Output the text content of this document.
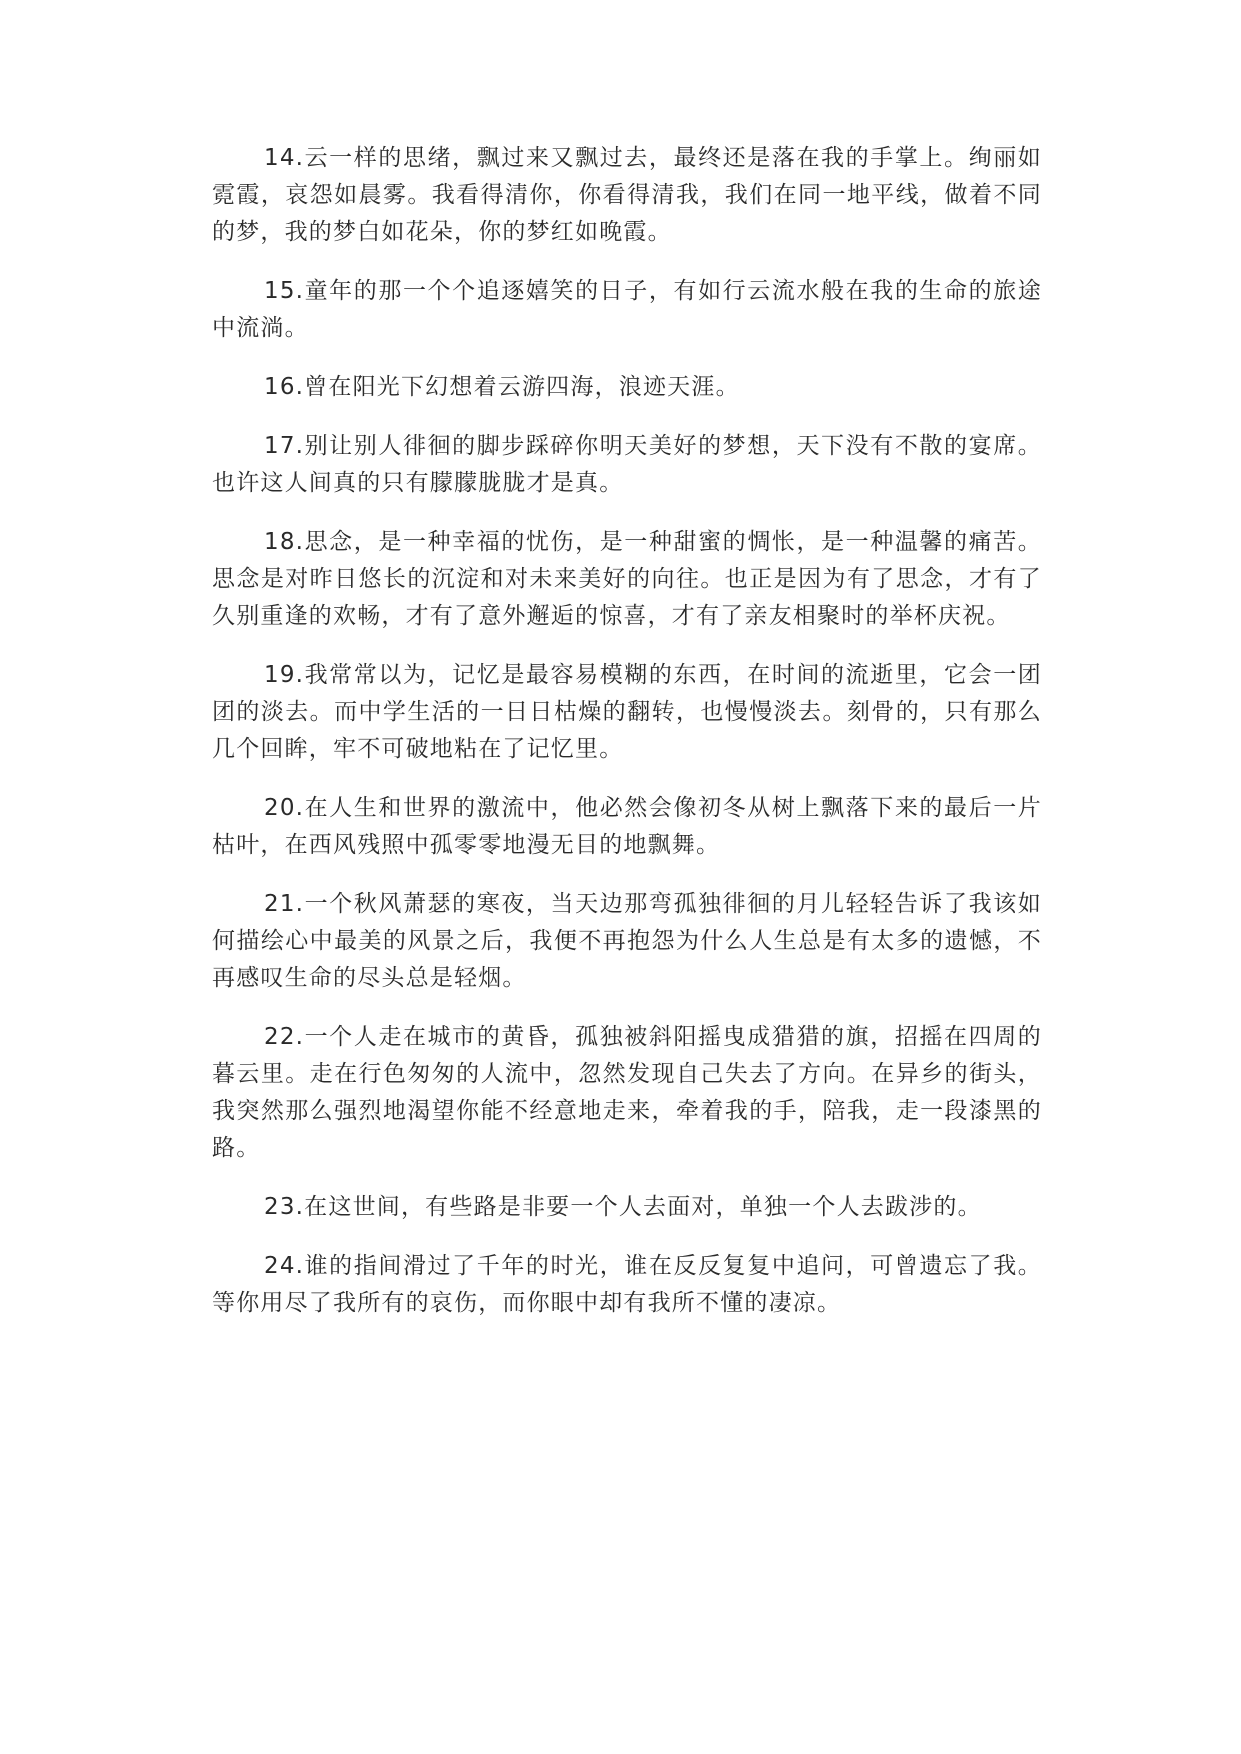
14.云一样的思绪，飘过来又飘过去，最终还是落在我的手掌上。绚丽如霓霞，哀怨如晨雾。我看得清你，你看得清我，我们在同一地平线，做着不同的梦，我的梦白如花朵，你的梦红如晚霞。

15.童年的那一个个追逐嬉笑的日子，有如行云流水般在我的生命的旅途中流淌。

16.曾在阳光下幻想着云游四海，浪迹天涯。

17.别让别人徘徊的脚步踩碎你明天美好的梦想，天下没有不散的宴席。也许这人间真的只有朦朦胧胧才是真。

18.思念，是一种幸福的忧伤，是一种甜蜜的惆怅，是一种温馨的痛苦。思念是对昨日悠长的沉淀和对未来美好的向往。也正是因为有了思念，才有了久别重逢的欢畅，才有了意外邂逅的惊喜，才有了亲友相聚时的举杯庆祝。

19.我常常以为，记忆是最容易模糊的东西，在时间的流逝里，它会一团团的淡去。而中学生活的一日日枯燥的翻转，也慢慢淡去。刻骨的，只有那么几个回眸，牢不可破地粘在了记忆里。

20.在人生和世界的激流中，他必然会像初冬从树上飘落下来的最后一片枯叶，在西风残照中孤零零地漫无目的地飘舞。

21.一个秋风萧瑟的寒夜，当天边那弯孤独徘徊的月儿轻轻告诉了我该如何描绘心中最美的风景之后，我便不再抱怨为什么人生总是有太多的遗憾，不再感叹生命的尽头总是轻烟。

22.一个人走在城市的黄昏，孤独被斜阳摇曳成猎猎的旗，招摇在四周的暮云里。走在行色匆匆的人流中，忽然发现自己失去了方向。在异乡的街头，我突然那么强烈地渴望你能不经意地走来，牵着我的手，陪我，走一段漆黑的路。

23.在这世间，有些路是非要一个人去面对，单独一个人去跋涉的。

24.谁的指间滑过了千年的时光，谁在反反复复中追问，可曾遗忘了我。等你用尽了我所有的哀伤，而你眼中却有我所不懂的凄凉。
